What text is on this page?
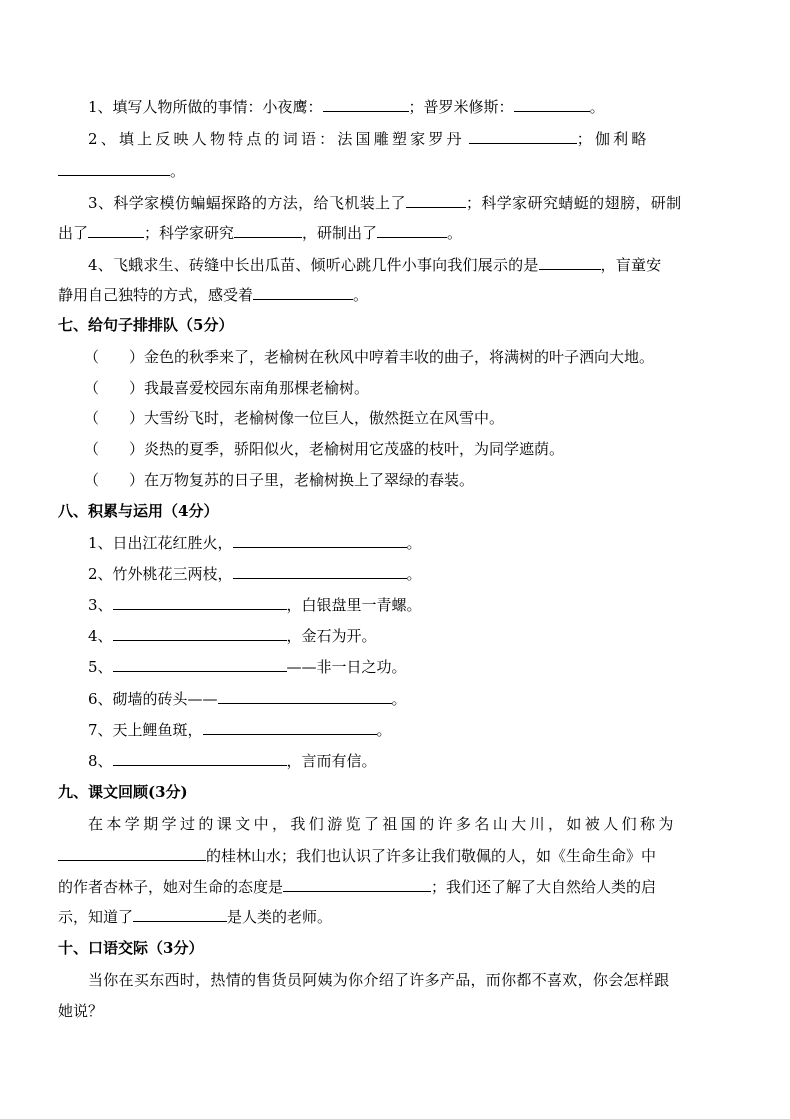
1、填写人物所做的事情：小夜鹰：	；普罗米修斯：	。
2、填上反映人物特点的词语：法国雕塑家罗丹	；伽利略
。
3、科学家模仿蝙蝠探路的方法，给飞机装上了	；科学家研究蜻蜓的翅膀，研制
出了	；科学家研究	，研制出了	。
4、飞蛾求生、砖缝中长出瓜苗、倾听心跳几件小事向我们展示的是	，盲童安
静用自己独特的方式，感受着	。
七、给句子排排队（5分）
（　　）金色的秋季来了，老榆树在秋风中哼着丰收的曲子，将满树的叶子洒向大地。
（　　）我最喜爱校园东南角那棵老榆树。
（　　）大雪纷飞时，老榆树像一位巨人，傲然挺立在风雪中。
（　　）炎热的夏季，骄阳似火，老榆树用它茂盛的枝叶，为同学遮荫。
（　　）在万物复苏的日子里，老榆树换上了翠绿的春装。
八、积累与运用（4分）
1、日出江花红胜火，	。
2、竹外桃花三两枝，	。
3、	，白银盘里一青螺。
4、	，金石为开。
5、	——非一日之功。
6、砌墙的砖头——	。
7、天上鲤鱼斑，	。
8、	，言而有信。
九、课文回顾(3分)
在本学期学过的课文中，我们游览了祖国的许多名山大川，如被人们称为
的桂林山水；我们也认识了许多让我们敬佩的人，如《生命生命》中
的作者杏林子，她对生命的态度是	；我们还了解了大自然给人类的启
示，知道了	是人类的老师。
十、口语交际（3分）
当你在买东西时，热情的售货员阿姨为你介绍了许多产品，而你都不喜欢，你会怎样跟
她说？
